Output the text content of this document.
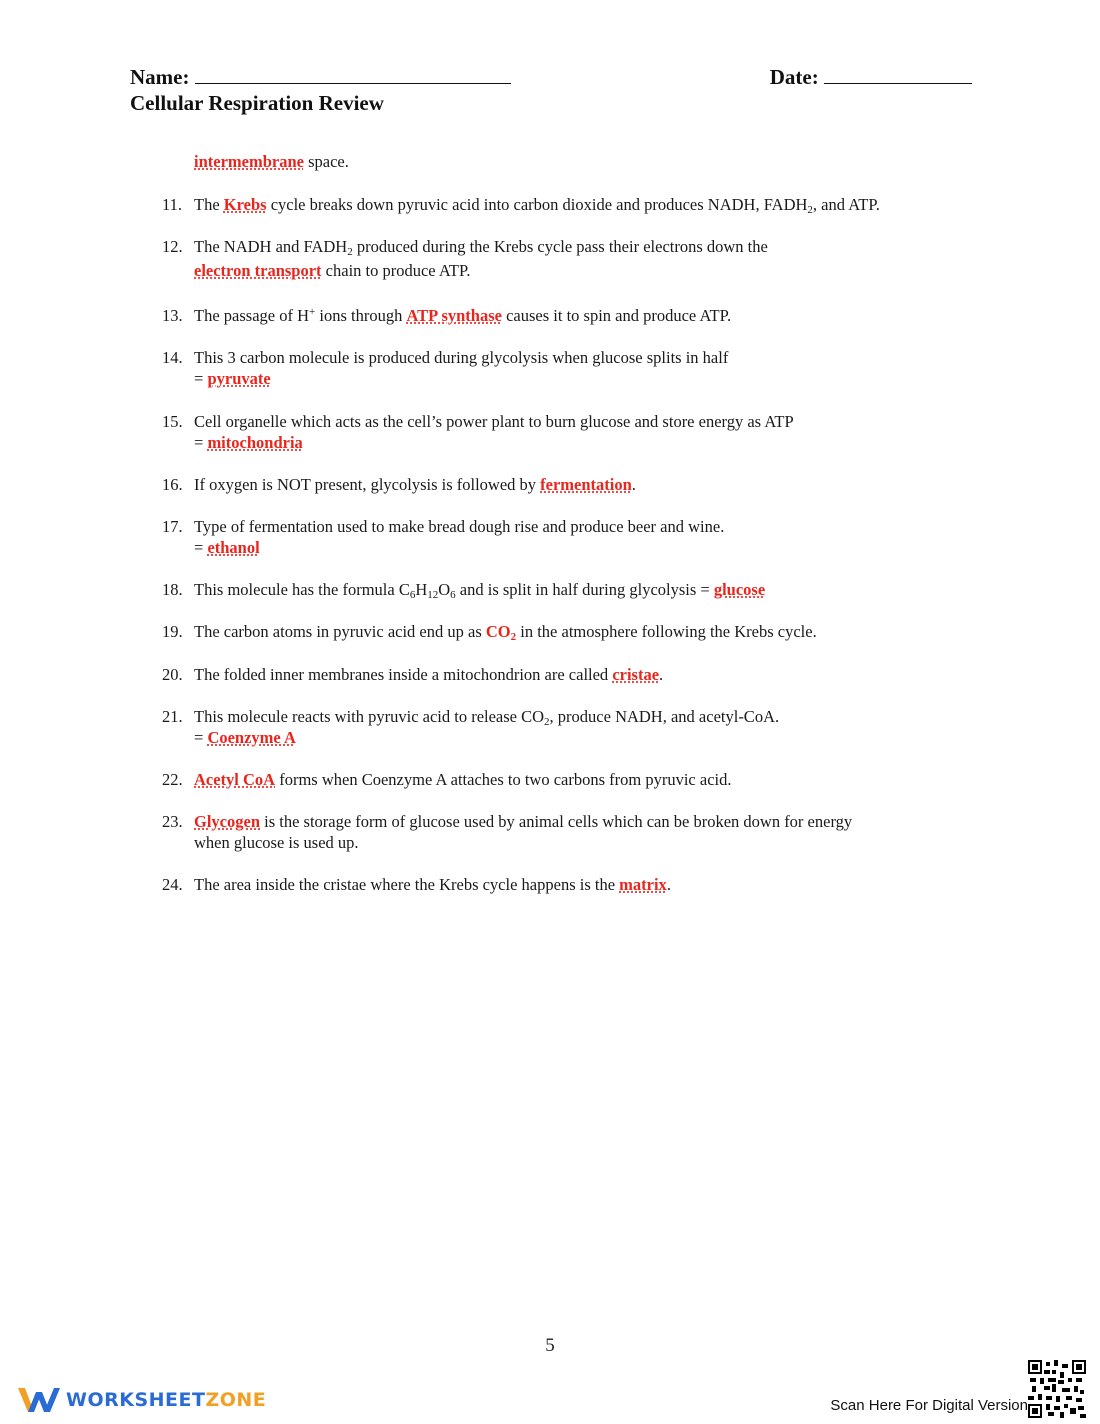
Name:	Date:
Cellular Respiration Review
intermembrane space.
11. The Krebs cycle breaks down pyruvic acid into carbon dioxide and produces NADH, $FADH_2$, and ATP.
12. The NADH and $FADH_2$ produced during the Krebs cycle pass their electrons down the
electron transport chain to produce ATP.
13. The passage of H+ ions through ATP synthase causes it to spin and produce ATP.
14. This 3 carbon molecule is produced during glycolysis when glucose splits in half
= pyruvate
15. Cell organelle which acts as the cell’s power plant to burn glucose and store energy as ATP
= mitochondria
16. If oxygen is NOT present, glycolysis is followed by fermentation.
17. Type of fermentation used to make bread dough rise and produce beer and wine.
= ethanol
18. This molecule has the formula $C_6H_{12}O_6$ and is split in half during glycolysis = glucose
19. The carbon atoms in pyruvic acid end up as $CO_2$ in the atmosphere following the Krebs cycle.
20. The folded inner membranes inside a mitochondrion are called cristae.
21. This molecule reacts with pyruvic acid to release $CO_2$, produce NADH, and acetyl-CoA.
= Coenzyme A
22. Acetyl CoA forms when Coenzyme A attaches to two carbons from pyruvic acid.
23. Glycogen is the storage form of glucose used by animal cells which can be broken down for energy
when glucose is used up.
24. The area inside the cristae where the Krebs cycle happens is the matrix.
5
WORKSHEETZONE	Scan Here For Digital Version
